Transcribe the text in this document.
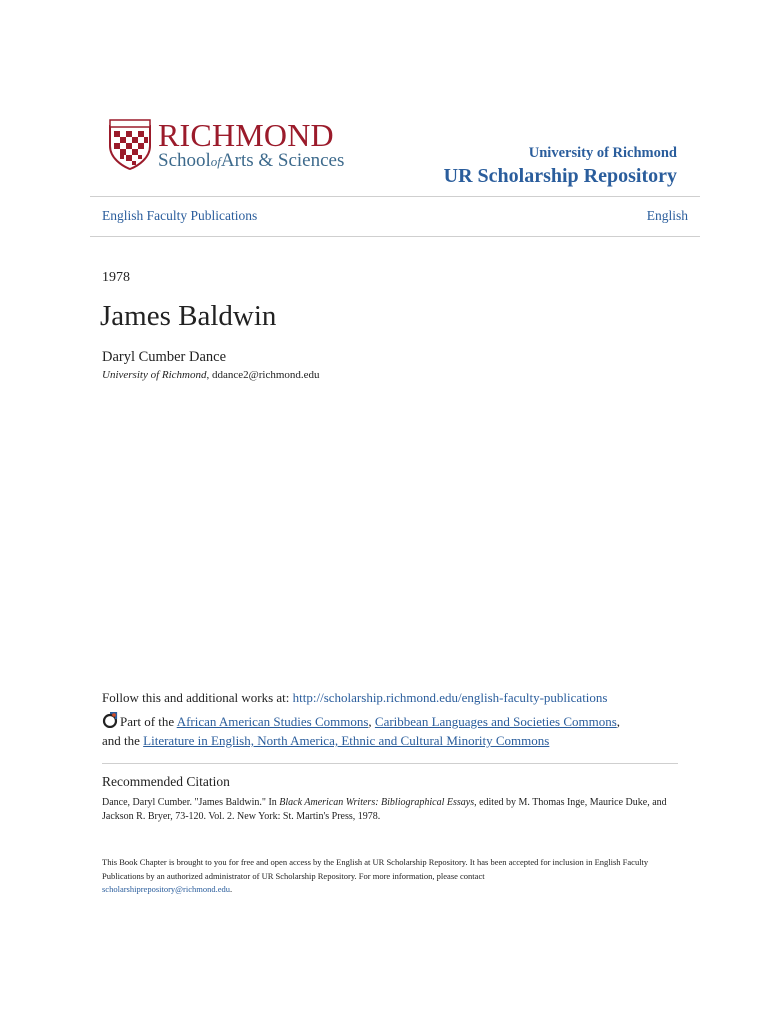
RICHMOND
SchoolofArts & Sciences	University of Richmond
UR Scholarship Repository
English Faculty Publications	English
1978
James Baldwin
Daryl Cumber Dance
University of Richmond, ddance2@richmond.edu
Follow this and additional works at: http://scholarship.richmond.edu/english-faculty-publications
Part of the African American Studies Commons, Caribbean Languages and Societies Commons,
and the Literature in English, North America, Ethnic and Cultural Minority Commons
Recommended Citation
Dance, Daryl Cumber. "James Baldwin." In Black American Writers: Bibliographical Essays, edited by M. Thomas Inge, Maurice Duke, and Jackson R. Bryer, 73-120. Vol. 2. New York: St. Martin's Press, 1978.
This Book Chapter is brought to you for free and open access by the English at UR Scholarship Repository. It has been accepted for inclusion in English Faculty Publications by an authorized administrator of UR Scholarship Repository. For more information, please contact
scholarshiprepository@richmond.edu.
